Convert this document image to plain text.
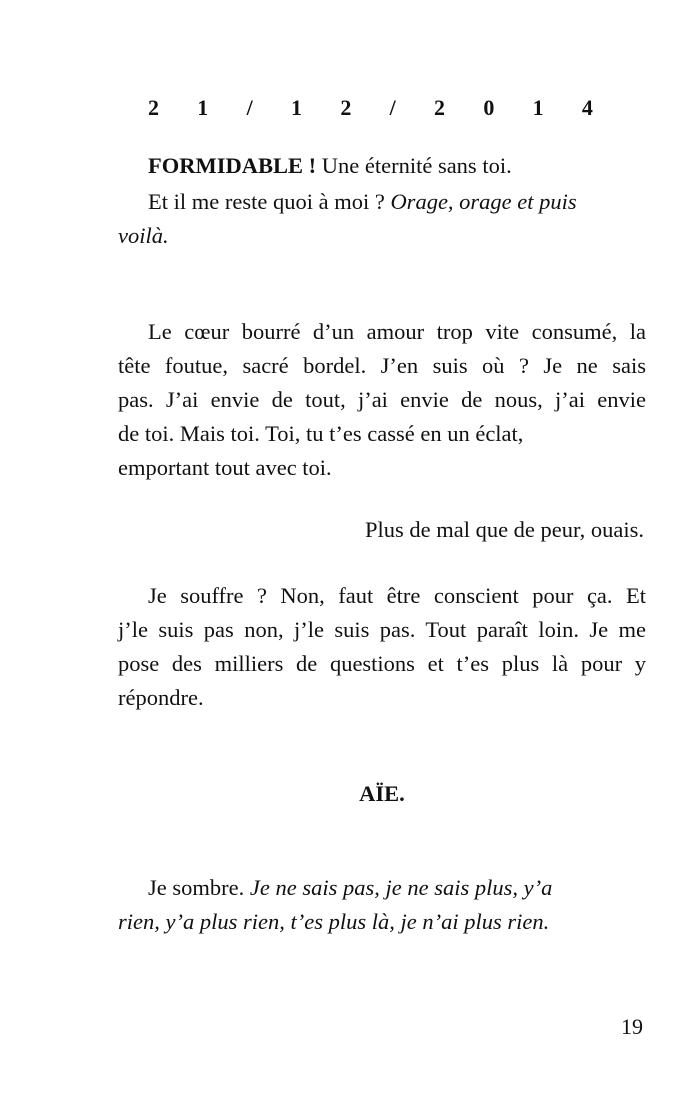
2 1 / 1 2 / 2 0 1 4
FORMIDABLE ! Une éternité sans toi.
Et il me reste quoi à moi ? Orage, orage et puis
voilà.
Le cœur bourré d’un amour trop vite consumé, la
tête foutue, sacré bordel. J’en suis où ? Je ne sais
pas. J’ai envie de tout, j’ai envie de nous, j’ai envie
de toi. Mais toi. Toi, tu t’es cassé en un éclat,
emportant tout avec toi.
Plus de mal que de peur, ouais.
Je souffre ? Non, faut être conscient pour ça. Et
j’le suis pas non, j’le suis pas. Tout paraît loin. Je me
pose des milliers de questions et t’es plus là pour y
répondre.
AÏE.
Je sombre. Je ne sais pas, je ne sais plus, y’a
rien, y’a plus rien, t’es plus là, je n’ai plus rien.
19
